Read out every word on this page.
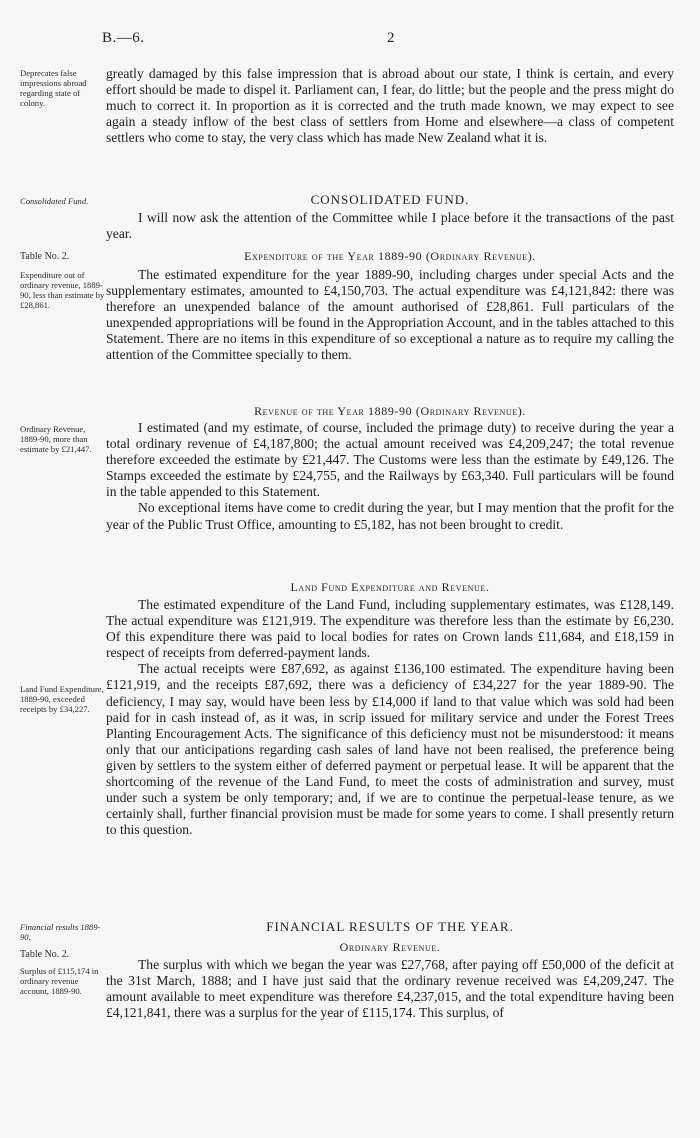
B.—6.	2
Deprecates false impressions abroad regarding state of colony.
Consolidated Fund.
Table No. 2.
Expenditure out of ordinary revenue, 1889-90, less than estimate by £28,861.
Ordinary Revenue, 1889-90, more than estimate by £21,447.
Land Fund Expenditure, 1889-90, exceeded receipts by £34,227.
Financial results 1889-90.
Table No. 2.
Surplus of £115,174 in ordinary revenue account, 1889-90.

greatly damaged by this false impression that is abroad about our state, I think is certain, and every effort should be made to dispel it. Parliament can, I fear, do little; but the people and the press might do much to correct it. In proportion as it is corrected and the truth made known, we may expect to see again a steady inflow of the best class of settlers from Home and elsewhere—a class of competent settlers who come to stay, the very class which has made New Zealand what it is.

CONSOLIDATED FUND.

I will now ask the attention of the Committee while I place before it the transactions of the past year.

Expenditure of the Year 1889-90 (Ordinary Revenue).

The estimated expenditure for the year 1889-90, including charges under special Acts and the supplementary estimates, amounted to £4,150,703. The actual expenditure was £4,121,842: there was therefore an unexpended balance of the amount authorised of £28,861. Full particulars of the unexpended appropriations will be found in the Appropriation Account, and in the tables attached to this Statement. There are no items in this expenditure of so exceptional a nature as to require my calling the attention of the Committee specially to them.

Revenue of the Year 1889-90 (Ordinary Revenue).

I estimated (and my estimate, of course, included the primage duty) to receive during the year a total ordinary revenue of £4,187,800; the actual amount received was £4,209,247; the total revenue therefore exceeded the estimate by £21,447. The Customs were less than the estimate by £49,126. The Stamps exceeded the estimate by £24,755, and the Railways by £63,340. Full particulars will be found in the table appended to this Statement.

No exceptional items have come to credit during the year, but I may mention that the profit for the year of the Public Trust Office, amounting to £5,182, has not been brought to credit.

Land Fund Expenditure and Revenue.

The estimated expenditure of the Land Fund, including supplementary estimates, was £128,149. The actual expenditure was £121,919. The expenditure was therefore less than the estimate by £6,230. Of this expenditure there was paid to local bodies for rates on Crown lands £11,684, and £18,159 in respect of receipts from deferred-payment lands.

The actual receipts were £87,692, as against £136,100 estimated. The expenditure having been £121,919, and the receipts £87,692, there was a deficiency of £34,227 for the year 1889-90. The deficiency, I may say, would have been less by £14,000 if land to that value which was sold had been paid for in cash instead of, as it was, in scrip issued for military service and under the Forest Trees Planting Encouragement Acts. The significance of this deficiency must not be misunderstood: it means only that our anticipations regarding cash sales of land have not been realised, the preference being given by settlers to the system either of deferred payment or perpetual lease. It will be apparent that the shortcoming of the revenue of the Land Fund, to meet the costs of administration and survey, must under such a system be only temporary; and, if we are to continue the perpetual-lease tenure, as we certainly shall, further financial provision must be made for some years to come. I shall presently return to this question.

FINANCIAL RESULTS OF THE YEAR.
Ordinary Revenue.

The surplus with which we began the year was £27,768, after paying off £50,000 of the deficit at the 31st March, 1888; and I have just said that the ordinary revenue received was £4,209,247. The amount available to meet expenditure was therefore £4,237,015, and the total expenditure having been £4,121,841, there was a surplus for the year of £115,174. This surplus, of
